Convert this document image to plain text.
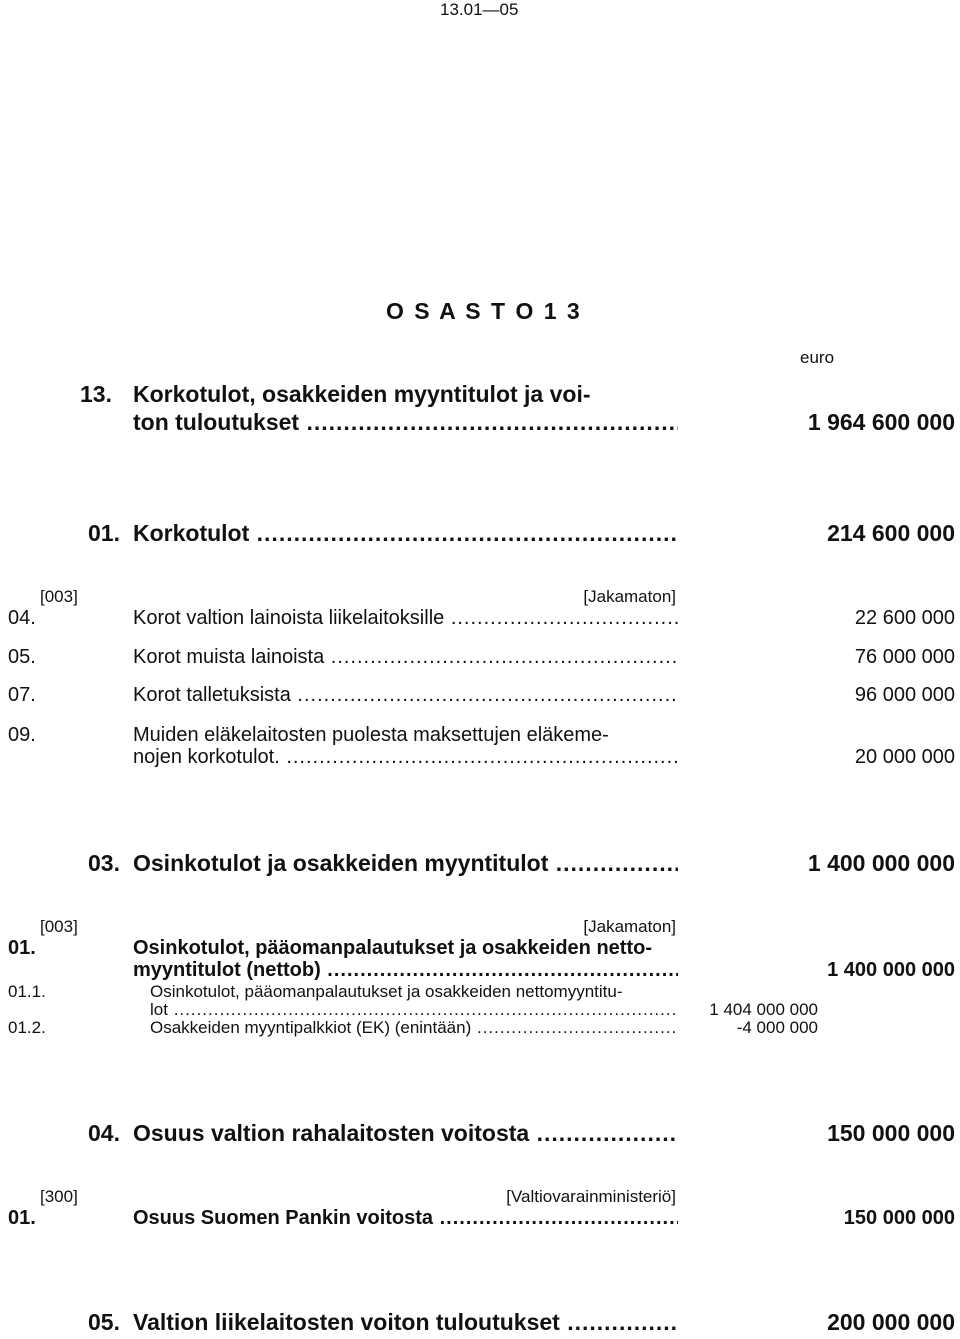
13.01—05
O S A S T O 1 3
euro
13. Korkotulot, osakkeiden myyntitulot ja voi-
ton tuloutukset .....	1 964 600 000
01. Korkotulot .....	214 600 000
[003]	[Jakamaton]
04.	Korot valtion lainoista liikelaitoksille .....	22 600 000
05.	Korot muista lainoista .....	76 000 000
07.	Korot talletuksista .....	96 000 000
09.	Muiden eläkelaitosten puolesta maksettujen eläkeme-
nojen korkotulot. .....	20 000 000
03. Osinkotulot ja osakkeiden myyntitulot .....	1 400 000 000
[003]	[Jakamaton]
01.	Osinkotulot, pääomanpalautukset ja osakkeiden netto-
myyntitulot (nettob) .....	1 400 000 000
01.1.	Osinkotulot, pääomanpalautukset ja osakkeiden nettomyyntitu-
lot .....	1 404 000 000
01.2.	Osakkeiden myyntipalkkiot (EK) (enintään) .....	-4 000 000
04. Osuus valtion rahalaitosten voitosta .....	150 000 000
[300]	[Valtiovarainministeriö]
01.	Osuus Suomen Pankin voitosta .....	150 000 000
05. Valtion liikelaitosten voiton tuloutukset .....	200 000 000
